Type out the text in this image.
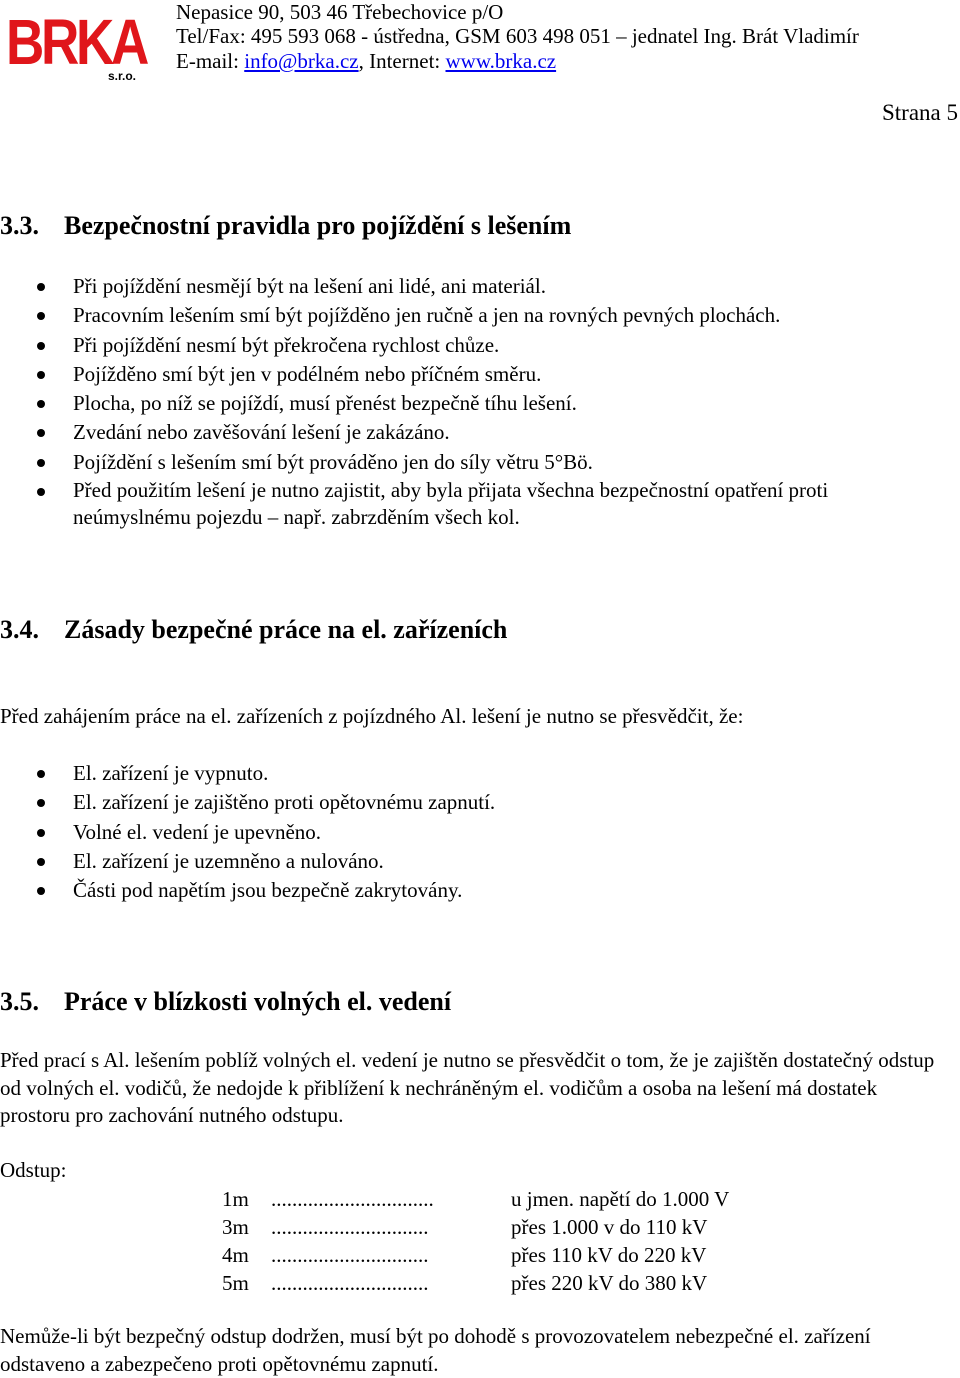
BRKA
s.r.o.
Nepasice 90, 503 46 Třebechovice p/O
Tel/Fax: 495 593 068 - ústředna, GSM 603 498 051 – jednatel Ing. Brát Vladimír
E-mail: info@brka.cz, Internet: www.brka.cz
Strana 5
3.3. Bezpečnostní pravidla pro pojíždění s lešením
Při pojíždění nesmějí být na lešení ani lidé, ani materiál.
Pracovním lešením smí být pojížděno jen ručně a jen na rovných pevných plochách.
Při pojíždění nesmí být překročena rychlost chůze.
Pojížděno smí být jen v podélném nebo příčném směru.
Plocha, po níž se pojíždí, musí přenést bezpečně tíhu lešení.
Zvedání nebo zavěšování lešení je zakázáno.
Pojíždění s lešením smí být prováděno jen do síly větru 5°Bö.
Před použitím lešení je nutno zajistit, aby byla přijata všechna bezpečnostní opatření proti neúmyslnému pojezdu – např. zabrzděním všech kol.
3.4. Zásady bezpečné práce na el. zařízeních
Před zahájením práce na el. zařízeních z pojízdného Al. lešení je nutno se přesvědčit, že:
El. zařízení je vypnuto.
El. zařízení je zajištěno proti opětovnému zapnutí.
Volné el. vedení je upevněno.
El. zařízení je uzemněno a nulováno.
Části pod napětím jsou bezpečně zakrytovány.
3.5. Práce v blízkosti volných el. vedení
Před prací s Al. lešením poblíž volných el. vedení je nutno se přesvědčit o tom, že je zajištěn dostatečný odstup od volných el. vodičů, že nedojde k přiblížení k nechráněným el. vodičům a osoba na lešení má dostatek prostoru pro zachování nutného odstupu.
Odstup:
1m ...............................	u jmen. napětí do 1.000 V
3m ..............................	přes 1.000 v do 110 kV
4m ..............................	přes 110 kV do 220 kV
5m ..............................	přes 220 kV do 380 kV
Nemůže-li být bezpečný odstup dodržen, musí být po dohodě s provozovatelem nebezpečné el. zařízení odstaveno a zabezpečeno proti opětovnému zapnutí.
